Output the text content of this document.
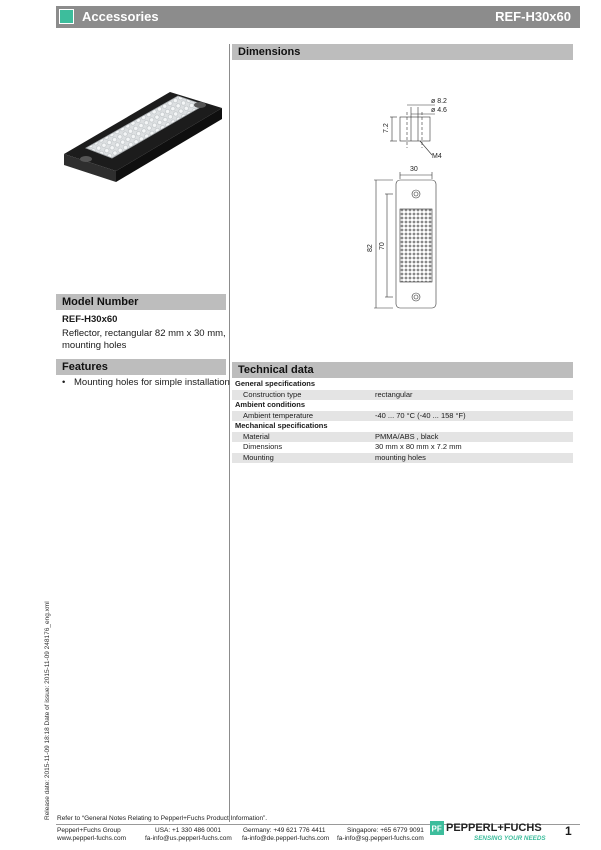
Accessories	REF-H30x60
Dimensions
ø 8.2
ø 4.6
7.2
M4
30
82 70
Model Number
REF-H30x60
Reflector, rectangular 82 mm x 30 mm,
mounting holes
Features
• Mounting holes for simple installation
Technical data
General specifications	
Construction type	rectangular
Ambient conditions	
Ambient temperature	-40 ... 70 °C (-40 ... 158 °F)
Mechanical specifications	
Material	PMMA/ABS , black
Dimensions	30 mm x 80 mm x 7.2 mm
Mounting	mounting holes
Release date: 2015-11-09 18:18 Date of issue: 2015-11-09 248176_eng.xml Refer to “General Notes Relating to Pepperl+Fuchs Product Information”.
Pepperl+Fuchs Group
www.pepperl-fuchs.com
USA: +1 330 486 0001
fa-info@us.pepperl-fuchs.com
Germany: +49 621 776 4411
fa-info@de.pepperl-fuchs.com
Singapore: +65 6779 9091
fa-info@sg.pepperl-fuchs.com
PF PEPPERL+FUCHS
SENSING YOUR NEEDS
1
